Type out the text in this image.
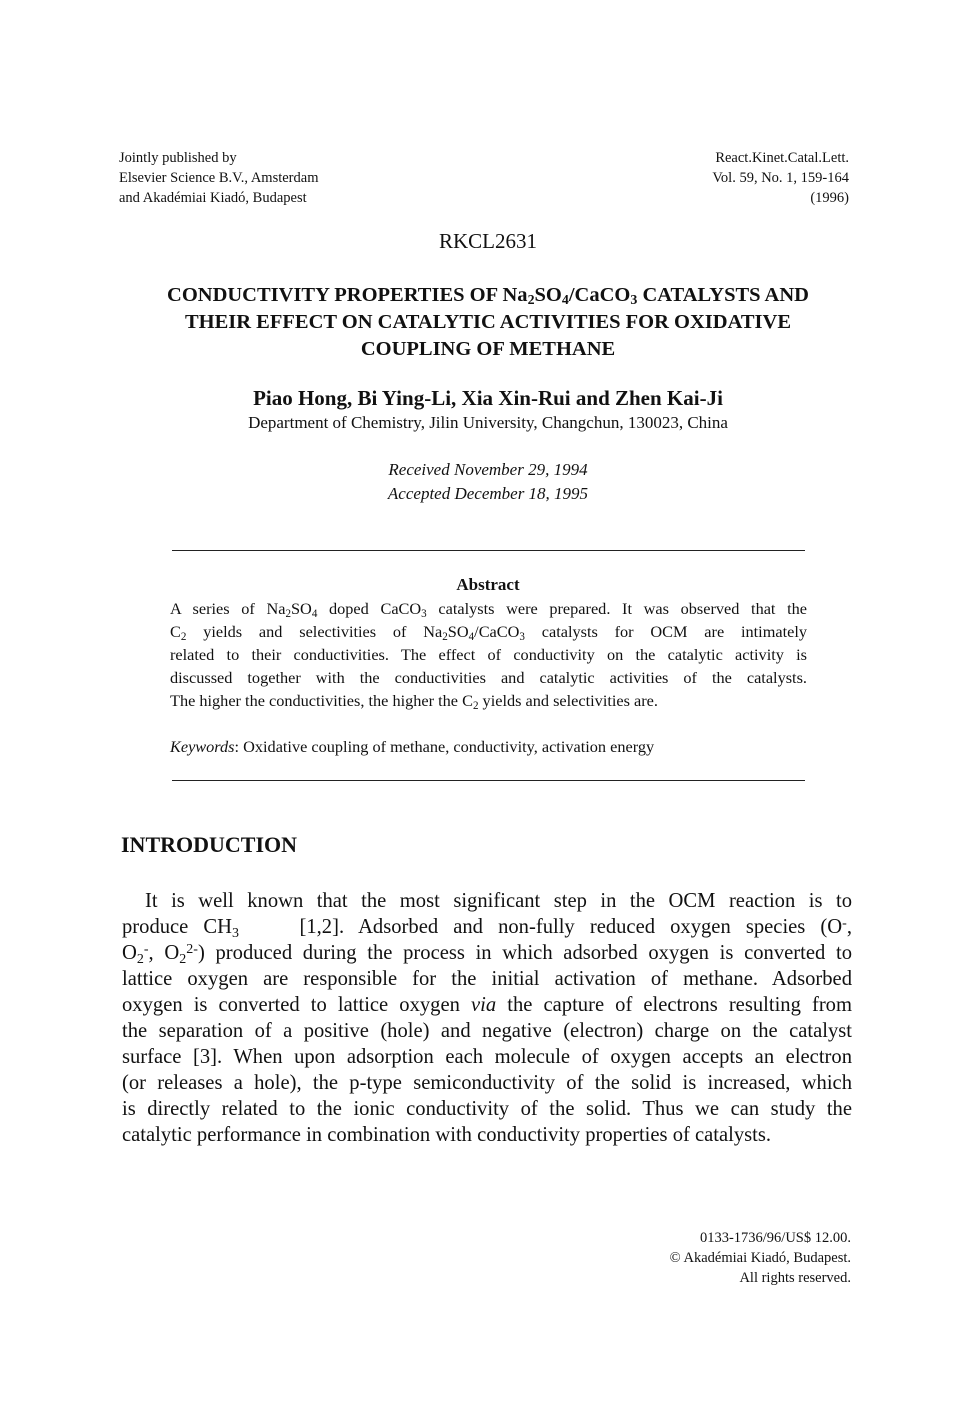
Jointly published by
Elsevier Science B.V., Amsterdam
and Akadémiai Kiadó, Budapest
React.Kinet.Catal.Lett.
Vol. 59, No. 1, 159-164
(1996)
RKCL2631
CONDUCTIVITY PROPERTIES OF $Na_2SO_4/CaCO_3$ CATALYSTS AND
THEIR EFFECT ON CATALYTIC ACTIVITIES FOR OXIDATIVE
COUPLING OF METHANE
Piao Hong, Bi Ying-Li, Xia Xin-Rui and Zhen Kai-Ji
Department of Chemistry, Jilin University, Changchun, 130023, China
Received November 29, 1994
Accepted December 18, 1995
Abstract
A series of $Na_2SO_4$ doped CaCO$_3$ catalysts were prepared. It was observed that the
$C_2$ yields and selectivities of $Na_2SO_4/CaCO_3$ catalysts for OCM are intimately
related to their conductivities. The effect of conductivity on the catalytic activity is
discussed together with the conductivities and catalytic activities of the catalysts.
The higher the conductivities, the higher the $C_2$ yields and selectivities are.
Keywords: Oxidative coupling of methane, conductivity, activation energy
INTRODUCTION
It is well known that the most significant step in the OCM reaction is to
produce $CH_3$    [1,2]. Adsorbed and non-fully reduced oxygen species (O-,
$O_2^-$, $O_2^{2-}$) produced during the process in which adsorbed oxygen is converted to
lattice oxygen are responsible for the initial activation of methane. Adsorbed
oxygen is converted to lattice oxygen via the capture of electrons resulting from
the separation of a positive (hole) and negative (electron) charge on the catalyst
surface [3]. When upon adsorption each molecule of oxygen accepts an electron
(or releases a hole), the p-type semiconductivity of the solid is increased, which
is directly related to the ionic conductivity of the solid. Thus we can study the
catalytic performance in combination with conductivity properties of catalysts.
0133-1736/96/US$ 12.00.
© Akadémiai Kiadó, Budapest.
All rights reserved.
